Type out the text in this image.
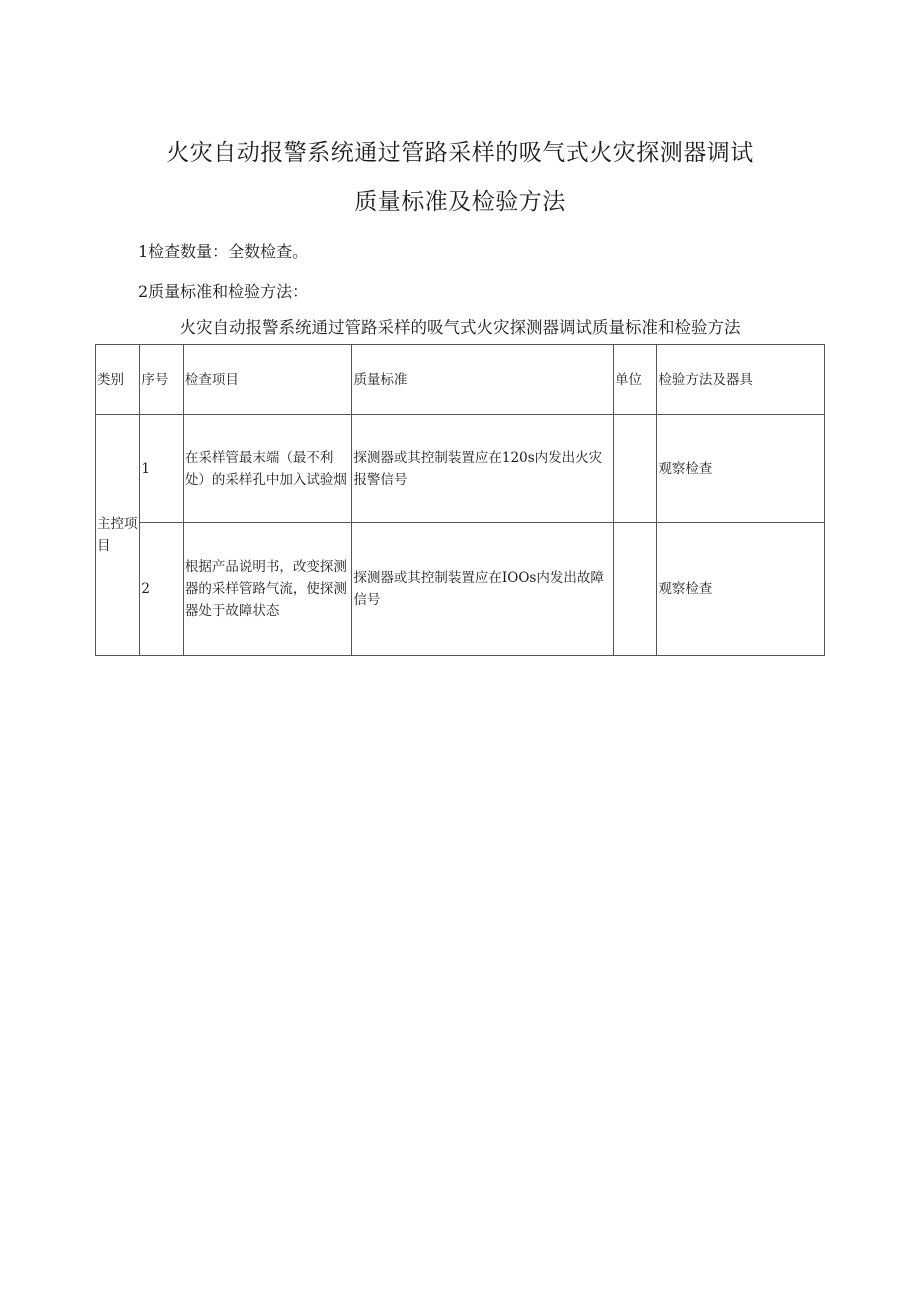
火灾自动报警系统通过管路采样的吸气式火灾探测器调试
质量标准及检验方法
1检查数量：全数检查。
2质量标准和检验方法：
火灾自动报警系统通过管路采样的吸气式火灾探测器调试质量标准和检验方法
类别	序号	检查项目	质量标准	单位	检验方法及器具
主控项目	1	在采样管最末端（最不利处）的采样孔中加入试验烟	探测器或其控制装置应在120s内发出火灾报警信号		观察检查
	2	根据产品说明书，改变探测器的采样管路气流，使探测器处于故障状态	探测器或其控制装置应在IOOs内发出故障信号		观察检查
